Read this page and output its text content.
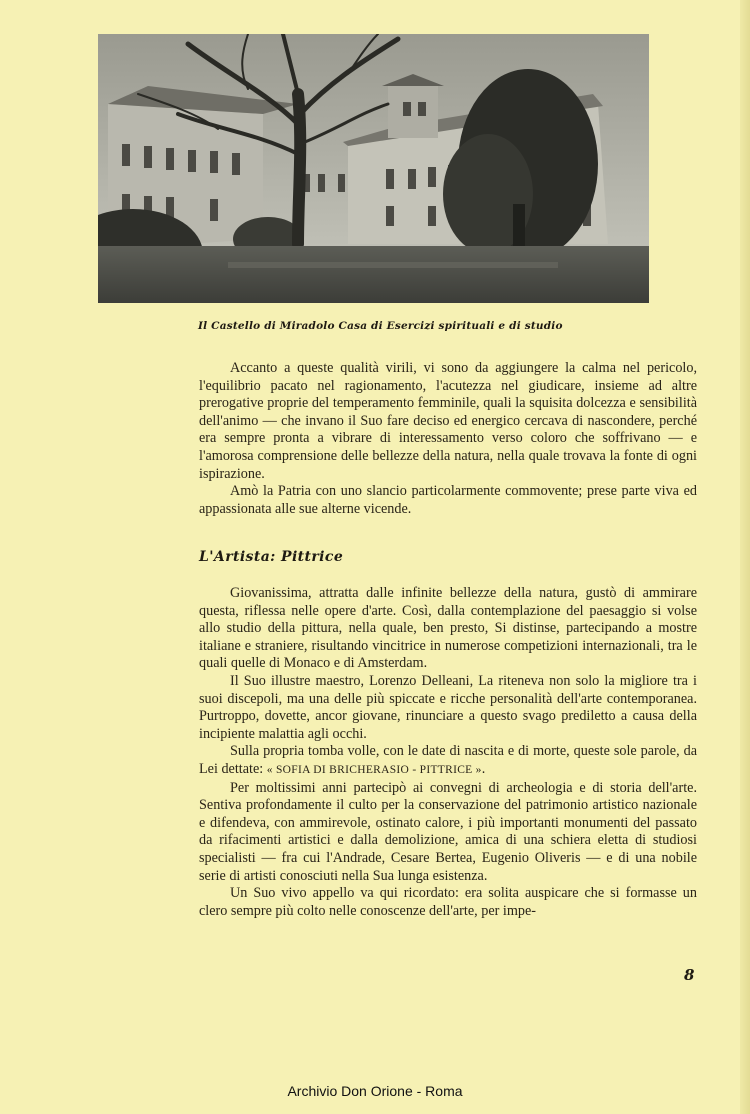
Il Castello di Miradolo Casa di Esercizi spirituali e di studio

Accanto a queste qualità virili, vi sono da aggiungere la calma nel pericolo, l'equilibrio pacato nel ragionamento, l'acutezza nel giudicare, insieme ad altre prerogative proprie del temperamento femminile, quali la squisita dolcezza e sensibilità dell'animo — che invano il Suo fare deciso ed energico cercava di nascondere, perché era sempre pronta a vibrare di interessamento verso coloro che soffrivano — e l'amorosa comprensione delle bellezze della natura, nella quale trovava la fonte di ogni ispirazione.

Amò la Patria con uno slancio particolarmente commovente; prese parte viva ed appassionata alle sue alterne vicende.

L'Artista: Pittrice

Giovanissima, attratta dalle infinite bellezze della natura, gustò di ammirare questa, riflessa nelle opere d'arte. Così, dalla contemplazione del paesaggio si volse allo studio della pittura, nella quale, ben presto, Si distinse, partecipando a mostre italiane e straniere, risultando vincitrice in numerose competizioni internazionali, tra le quali quelle di Monaco e di Amsterdam.

Il Suo illustre maestro, Lorenzo Delleani, La riteneva non solo la migliore tra i suoi discepoli, ma una delle più spiccate e ricche personalità dell'arte contemporanea. Purtroppo, dovette, ancor giovane, rinunciare a questo svago prediletto a causa della incipiente malattia agli occhi.

Sulla propria tomba volle, con le date di nascita e di morte, queste sole parole, da Lei dettate: « SOFIA DI BRICHERASIO - PITTRICE ».

Per moltissimi anni partecipò ai convegni di archeologia e di storia dell'arte. Sentiva profondamente il culto per la conservazione del patrimonio artistico nazionale e difendeva, con ammirevole, ostinato calore, i più importanti monumenti del passato da rifacimenti artistici e dalla demolizione, amica di una schiera eletta di studiosi specialisti — fra cui l'Andrade, Cesare Bertea, Eugenio Oliveris — e di una nobile serie di artisti conosciuti nella Sua lunga esistenza.

Un Suo vivo appello va qui ricordato: era solita auspicare che si formasse un clero sempre più colto nelle conoscenze dell'arte, per impe-

8
Archivio Don Orione - Roma
